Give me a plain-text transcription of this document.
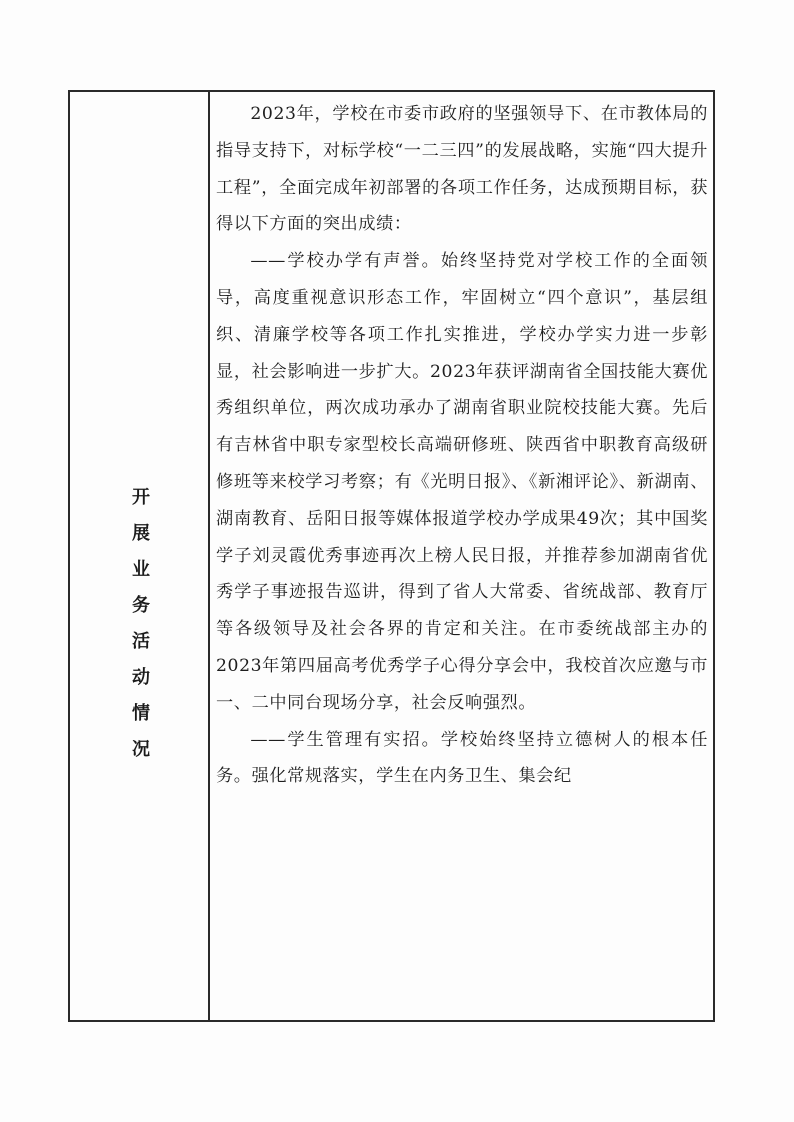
开展业务活动情况

2023年，学校在市委市政府的坚强领导下、在市教体局的指导支持下，对标学校“一二三四”的发展战略，实施“四大提升工程”，全面完成年初部署的各项工作任务，达成预期目标，获得以下方面的突出成绩：

——学校办学有声誉。始终坚持党对学校工作的全面领导，高度重视意识形态工作，牢固树立“四个意识”，基层组织、清廉学校等各项工作扎实推进，学校办学实力进一步彰显，社会影响进一步扩大。2023年获评湖南省全国技能大赛优秀组织单位，两次成功承办了湖南省职业院校技能大赛。先后有吉林省中职专家型校长高端研修班、陕西省中职教育高级研修班等来校学习考察；有《光明日报》、《新湘评论》、新湖南、湖南教育、岳阳日报等媒体报道学校办学成果49次；其中国奖学子刘灵霞优秀事迹再次上榜人民日报，并推荐参加湖南省优秀学子事迹报告巡讲，得到了省人大常委、省统战部、教育厅等各级领导及社会各界的肯定和关注。在市委统战部主办的2023年第四届高考优秀学子心得分享会中，我校首次应邀与市一、二中同台现场分享，社会反响强烈。

——学生管理有实招。学校始终坚持立德树人的根本任务。强化常规落实，学生在内务卫生、集会纪
